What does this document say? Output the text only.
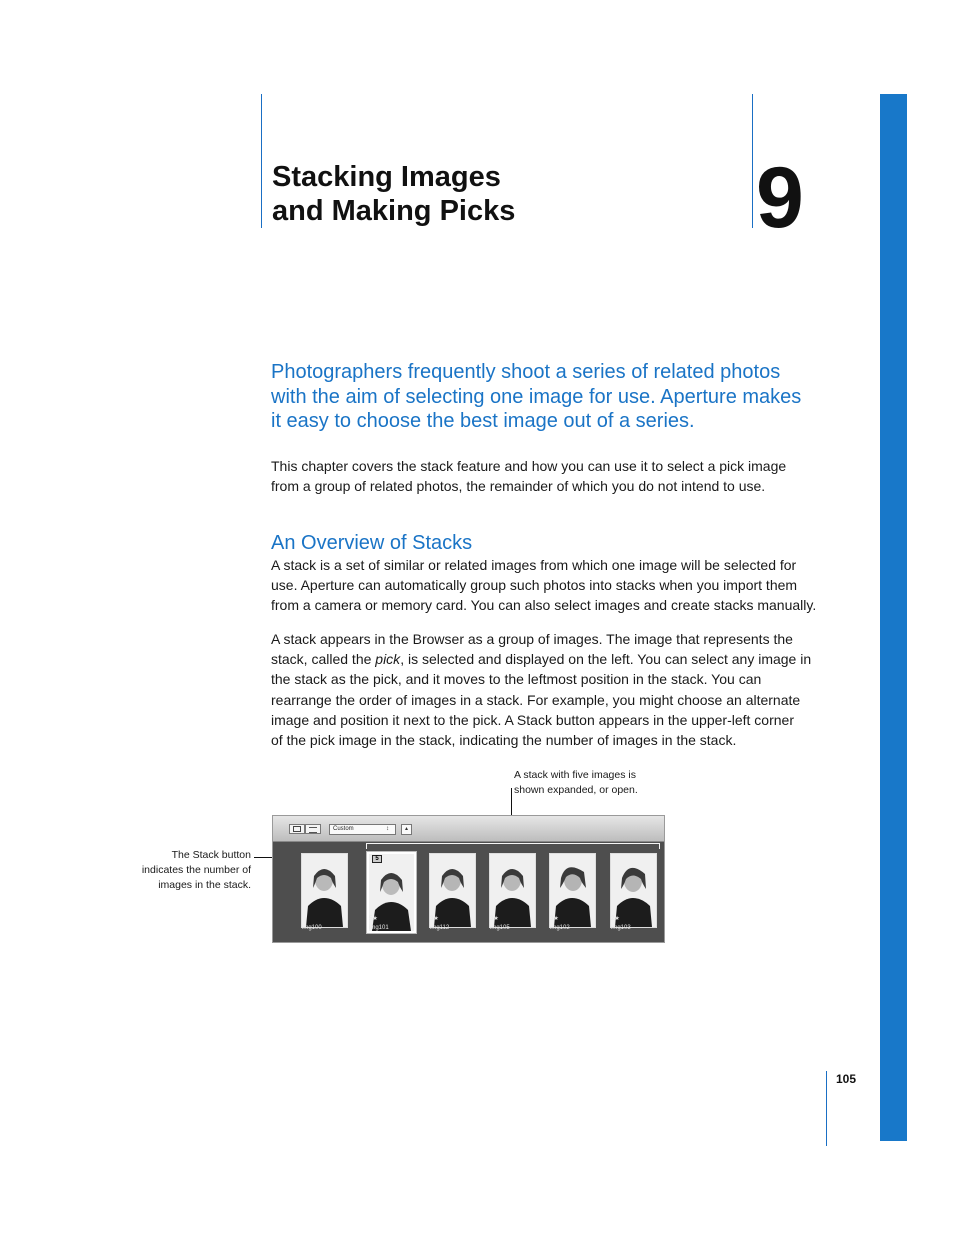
Stacking Images
and Making Picks	9

Photographers frequently shoot a series of related photos
with the aim of selecting one image for use. Aperture makes
it easy to choose the best image out of a series.

This chapter covers the stack feature and how you can use it to select a pick image
from a group of related photos, the remainder of which you do not intend to use.

An Overview of Stacks

A stack is a set of similar or related images from which one image will be selected for
use. Aperture can automatically group such photos into stacks when you import them
from a camera or memory card. You can also select images and create stacks manually.

A stack appears in the Browser as a group of images. The image that represents the
stack, called the pick, is selected and displayed on the left. You can select any image in
the stack as the pick, and it moves to the leftmost position in the stack. You can
rearrange the order of images in a stack. For example, you might choose an alternate
image and position it next to the pick. A Stack button appears in the upper-left corner
of the pick image in the stack, indicating the number of images in the stack.

A stack with five images is
shown expanded, or open.
The Stack button
indicates the number of
images in the stack.
Custom	↕	▴
5
5★	3★	3★	3★	2★
img100	img101	img112	img105	img102	img103
105
